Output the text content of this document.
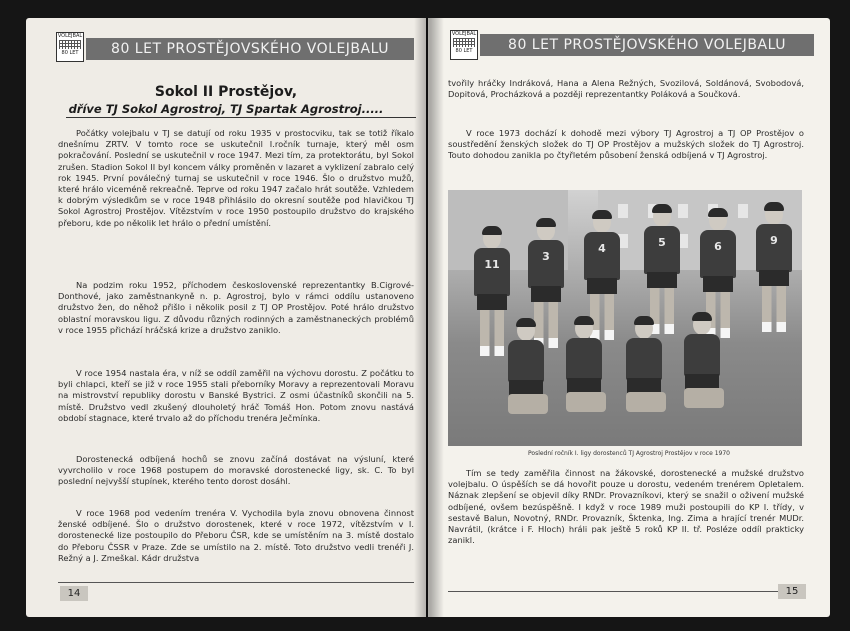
VOLEJBAL
80 LET	80 LET PROSTĚJOVSKÉHO VOLEJBALU
Sokol II Prostějov,
dříve TJ Sokol Agrostroj, TJ Spartak Agrostroj.....

Počátky volejbalu v TJ se datují od roku 1935 v prostocviku, tak se totiž říkalo dnešnímu ZRTV. V tomto roce se uskutečnil I.ročník turnaje, který měl osm pokračování. Poslední se uskutečnil v roce 1947. Mezi tím, za protektorátu, byl Sokol zrušen. Stadion Sokol II byl koncem války proměněn v lazaret a vyklizení zabralo celý rok 1945. První poválečný turnaj se uskutečnil v roce 1946. Šlo o družstvo mužů, které hrálo viceméně rekreačně. Teprve od roku 1947 začalo hrát soutěže. Vzhledem k dobrým výsledkům se v roce 1948 přihlásilo do okresní soutěže pod hlavičkou TJ Sokol Agrostroj Prostějov. Vítězstvím v roce 1950 postoupilo družstvo do krajského přeboru, kde po několik let hrálo o přední umístění.

Na podzim roku 1952, příchodem československé reprezentantky B.Cigrové-Donthové, jako zaměstnankyně n. p. Agrostroj, bylo v rámci oddílu ustanoveno družstvo žen, do něhož přišlo i několik posil z TJ OP Prostějov. Poté hrálo družstvo oblastní moravskou ligu. Z důvodu různých rodinných a zaměstnaneckých problémů v roce 1955 přichází hráčská krize a družstvo zaniklo.

V roce 1954 nastala éra, v níž se oddíl zaměřil na výchovu dorostu. Z počátku to byli chlapci, kteří se již v roce 1955 stali přeborníky Moravy a reprezentovali Moravu na mistrovství republiky dorostu v Banské Bystrici. Z osmi účastníků skončili na 5. místě. Družstvo vedl zkušený dlouholetý hráč Tomáš Hon. Potom znovu nastává období stagnace, které trvalo až do příchodu trenéra Ječmínka.

Dorostenecká odbíjená hochů se znovu začíná dostávat na výsluní, které vyvrcholilo v roce 1968 postupem do moravské dorostenecké ligy, sk. C. To byl poslední nejvyšší stupínek, kterého tento dorost dosáhl.

V roce 1968 pod vedením trenéra V. Vychodila byla znovu obnovena činnost ženské odbíjené. Šlo o družstvo dorostenek, které v roce 1972, vítězstvím v I. dorostenecké lize postoupilo do Přeboru ČSR, kde se umístěním na 3. místě dostalo do Přeboru ČSSR v Praze. Zde se umístilo na 2. místě. Toto družstvo vedli trenéři J. Režný a J. Zmeškal. Kádr družstva

14
VOLEJBAL
80 LET	80 LET PROSTĚJOVSKÉHO VOLEJBALU

tvořily hráčky Indráková, Hana a Alena Režných, Svozilová, Soldánová, Svobodová, Dopitová, Procházková a později reprezentantky Poláková a Součková.

V roce 1973 dochází k dohodě mezi výbory TJ Agrostroj a TJ OP Prostějov o soustředění ženských složek do TJ OP Prostějov a mužských složek do TJ Agrostroj. Touto dohodou zanikla po čtyřletém působení ženská odbíjená v TJ Agrostroj.

11
3
4	5	6	9
Poslední ročník I. ligy dorostenců TJ Agrostroj Prostějov v roce 1970

Tím se tedy zaměřila činnost na žákovské, dorostenecké a mužské družstvo volejbalu. O úspěších se dá hovořit pouze u dorostu, vedeném trenérem Opletalem. Náznak zlepšení se objevil díky RNDr. Provazníkovi, který se snažil o oživení mužské odbíjené, ovšem bezúspěšně. I když v roce 1989 muži postoupili do KP I. třídy, v sestavě Balun, Novotný, RNDr. Provazník, Šktenka, Ing. Zima a hrající trenér MUDr. Navrátil, (krátce i F. Hloch) hráli pak ještě 5 roků KP II. tř. Posléze oddíl prakticky zanikl.

15
